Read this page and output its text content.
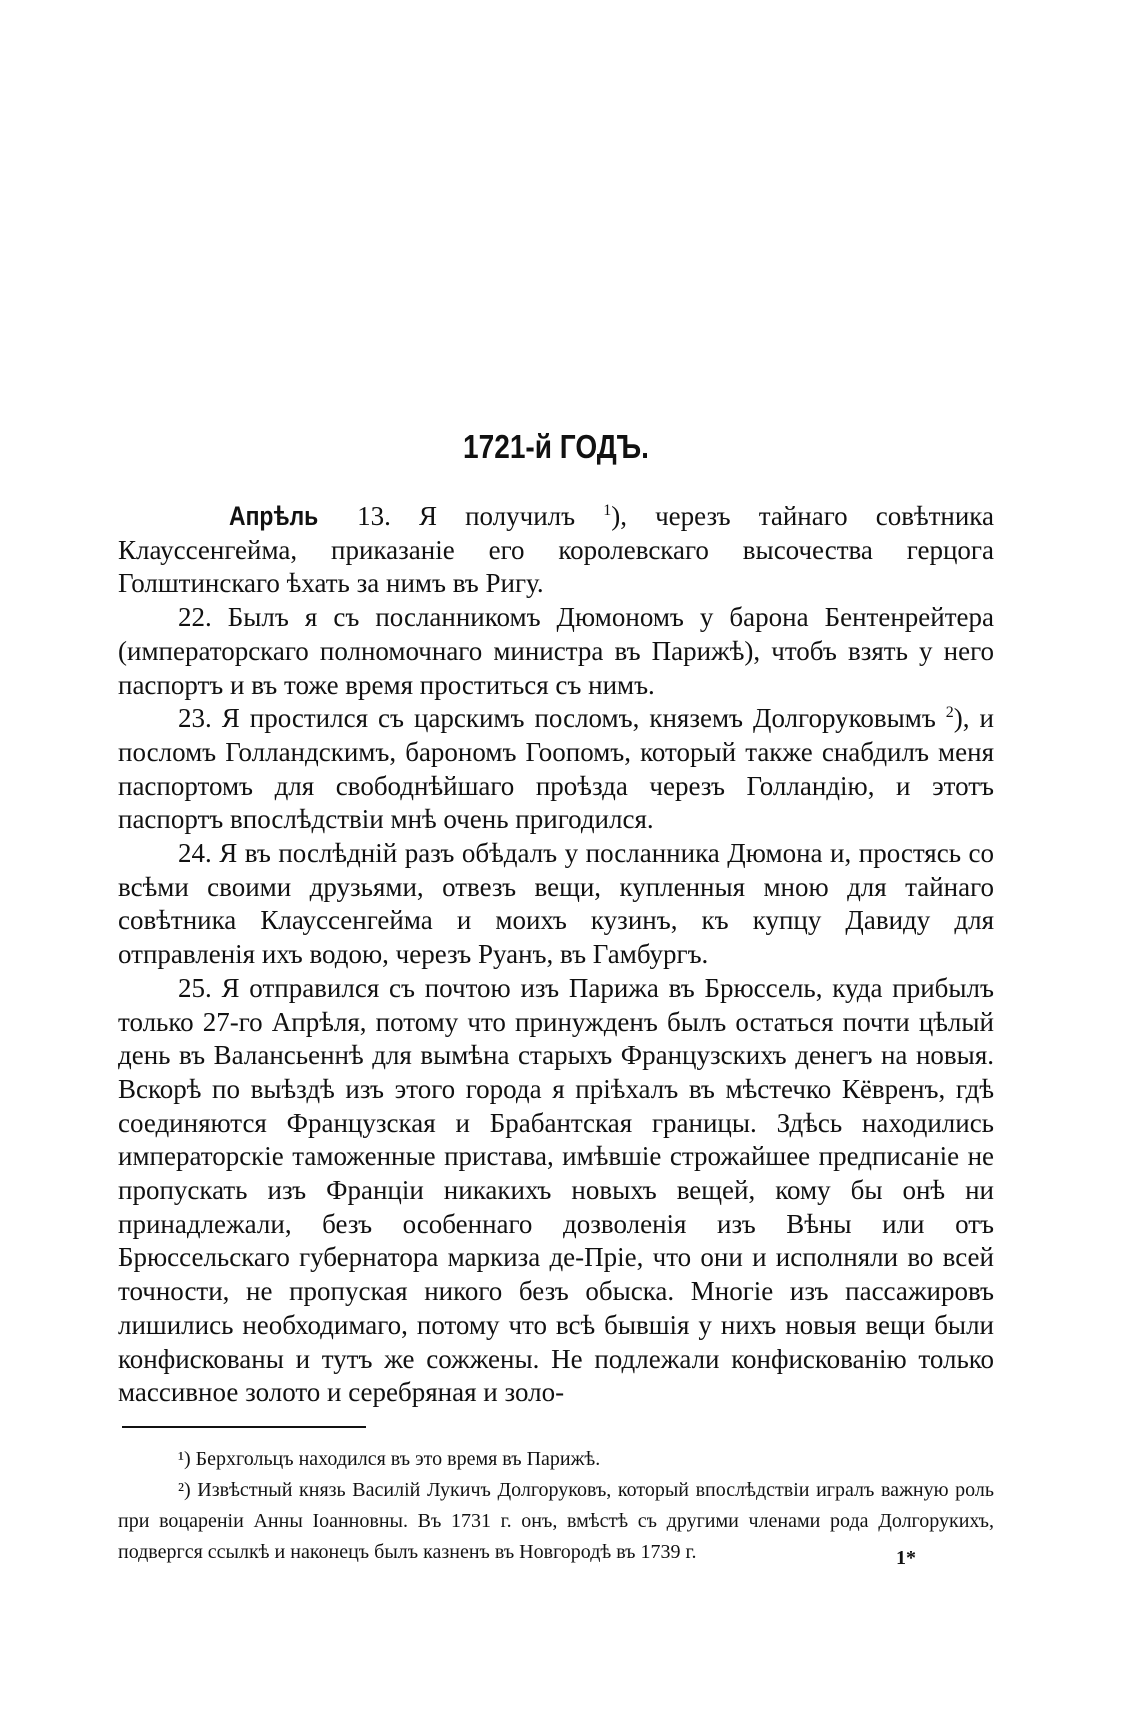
1721-й ГОДЪ.

Апрѣль 13. Я получилъ $^1$), черезъ тайнаго совѣтника Клауссенгейма, приказаніе его королевскаго высочества герцога Голштинскаго ѣхать за нимъ въ Ригу.

22. Былъ я съ посланникомъ Дюмономъ у барона Бентенрейтера (императорскаго полномочнаго министра въ Парижѣ), чтобъ взять у него паспортъ и въ тоже время проститься съ нимъ.

23. Я простился съ царскимъ посломъ, княземъ Долгоруковымъ $^2$), и посломъ Голландскимъ, барономъ Гоопомъ, который также снабдилъ меня паспортомъ для свободнѣйшаго проѣзда черезъ Голландію, и этотъ паспортъ впослѣдствіи мнѣ очень пригодился.

24. Я въ послѣдній разъ обѣдалъ у посланника Дюмона и, простясь со всѣми своими друзьями, отвезъ вещи, купленныя мною для тайнаго совѣтника Клауссенгейма и моихъ кузинъ, къ купцу Давиду для отправленія ихъ водою, черезъ Руанъ, въ Гамбургъ.

25. Я отправился съ почтою изъ Парижа въ Брюссель, куда прибылъ только 27-го Апрѣля, потому что принужденъ былъ остаться почти цѣлый день въ Валансьеннѣ для вымѣна старыхъ Французскихъ денегъ на новыя. Вскорѣ по выѣздѣ изъ этого города я пріѣхалъ въ мѣстечко Кёвренъ, гдѣ соединяются Французская и Брабантская границы. Здѣсь находились императорскіе таможенные пристава, имѣвшіе строжайшее предписаніе не пропускать изъ Франціи никакихъ новыхъ вещей, кому бы онѣ ни принадлежали, безъ особеннаго дозволенія изъ Вѣны или отъ Брюссельскаго губернатора маркиза де-Пріе, что они и исполняли во всей точности, не пропуская никого безъ обыска. Многіе изъ пассажировъ лишились необходимаго, потому что всѣ бывшія у нихъ новыя вещи были конфискованы и тутъ же сожжены. Не подлежали конфискованію только массивное золото и серебряная и золо-

¹) Берхгольцъ находился въ это время въ Парижѣ.

²) Извѣстный князь Василій Лукичъ Долгоруковъ, который впослѣдствіи игралъ важную роль при воцареніи Анны Іоанновны. Въ 1731 г. онъ, вмѣстѣ съ другими членами рода Долгорукихъ, подвергся ссылкѣ и наконецъ былъ казненъ въ Новгородѣ въ 1739 г.	1*
